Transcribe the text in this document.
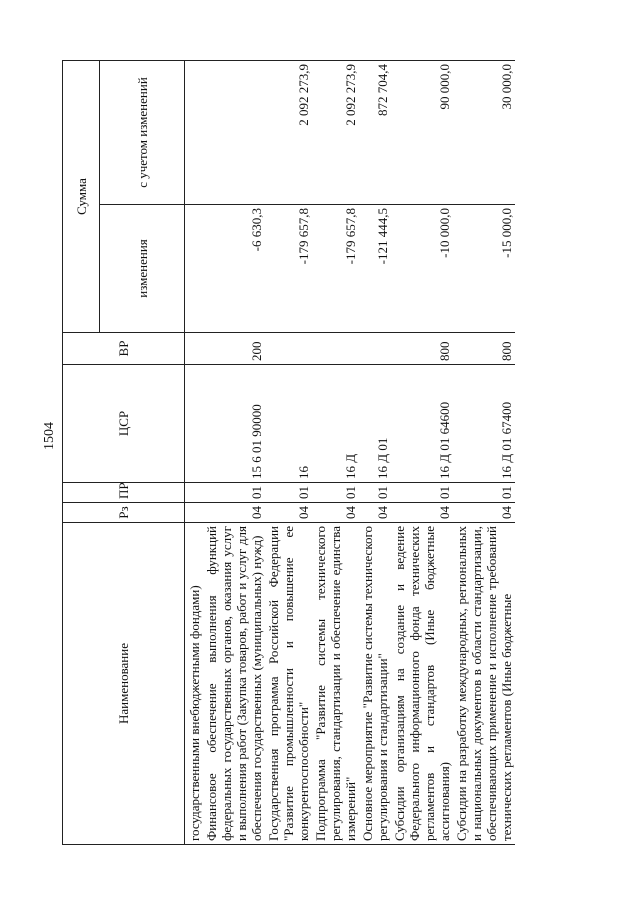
1504
Наименование	Рз	ПР	ЦСР	ВР	Сумма	
					изменения	с учетом изменений
государственными внебюджетными фондами)						
Финансовое обеспечение выполнения функций федеральных государственных органов, оказания услуг и выполнения работ (Закупка товаров, работ и услуг для обеспечения государственных (муниципальных) нужд)	04	01	15 6 01 90000	200	-6 630,3	
Государственная программа Российской Федерации "Развитие промышленности и повышение ее конкурентоспособности"	04	01	16		-179 657,8	2 092 273,9
Подпрограмма "Развитие системы технического регулирования, стандартизации и обеспечение единства измерений"	04	01	16 Д		-179 657,8	2 092 273,9
Основное мероприятие "Развитие системы технического регулирования и стандартизации"	04	01	16 Д 01		-121 444,5	872 704,4
Субсидии организациям на создание и ведение Федерального информационного фонда технических регламентов и стандартов (Иные бюджетные ассигнования)	04	01	16 Д 01 64600	800	-10 000,0	90 000,0
Субсидии на разработку международных, региональных и национальных документов в области стандартизации, обеспечивающих применение и исполнение требований технических регламентов (Иные бюджетные	04	01	16 Д 01 67400	800	-15 000,0	30 000,0
